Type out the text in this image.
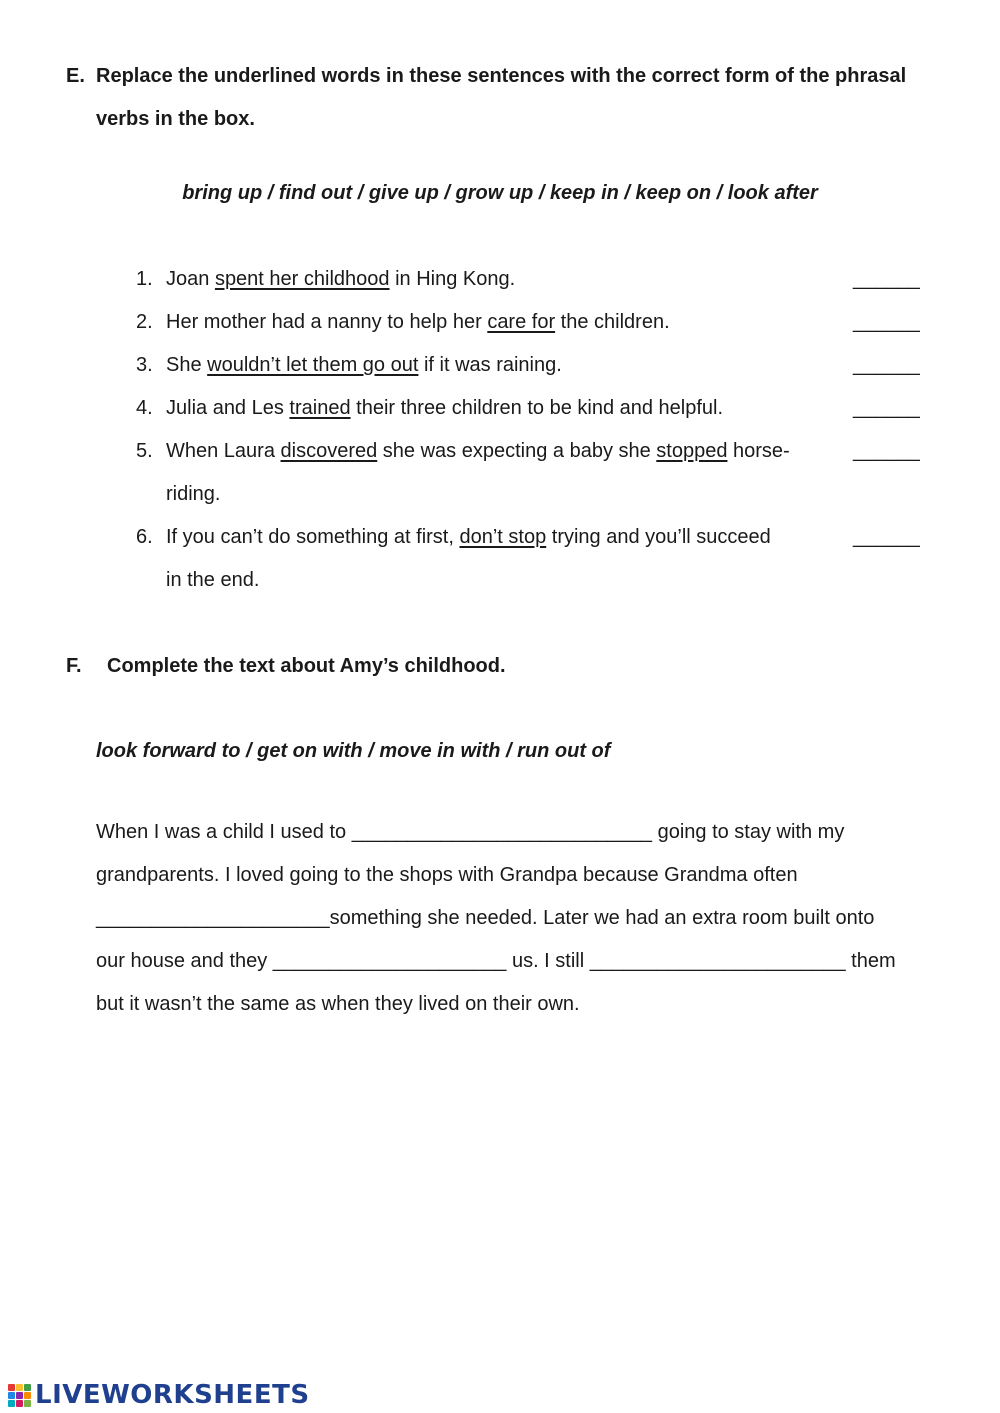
E. Replace the underlined words in these sentences with the correct form of the phrasal
verbs in the box.
bring up / find out / give up / grow up / keep in / keep on / look after
1. Joan spent her childhood in Hing Kong.	______
2. Her mother had a nanny to help her care for the children.	______
3. She wouldn’t let them go out if it was raining.	______
4. Julia and Les trained their three children to be kind and helpful.	______
5. When Laura discovered she was expecting a baby she stopped horse-	______
riding.
6. If you can’t do something at first, don’t stop trying and you’ll succeed	______
in the end.
F. Complete the text about Amy’s childhood.
look forward to / get on with / move in with / run out of
When I was a child I used to ___________________________ going to stay with my
grandparents. I loved going to the shops with Grandpa because Grandma often
_____________________something she needed. Later we had an extra room built onto
our house and they _____________________ us. I still _______________________ them
but it wasn’t the same as when they lived on their own.
LIVEWORKSHEETS
